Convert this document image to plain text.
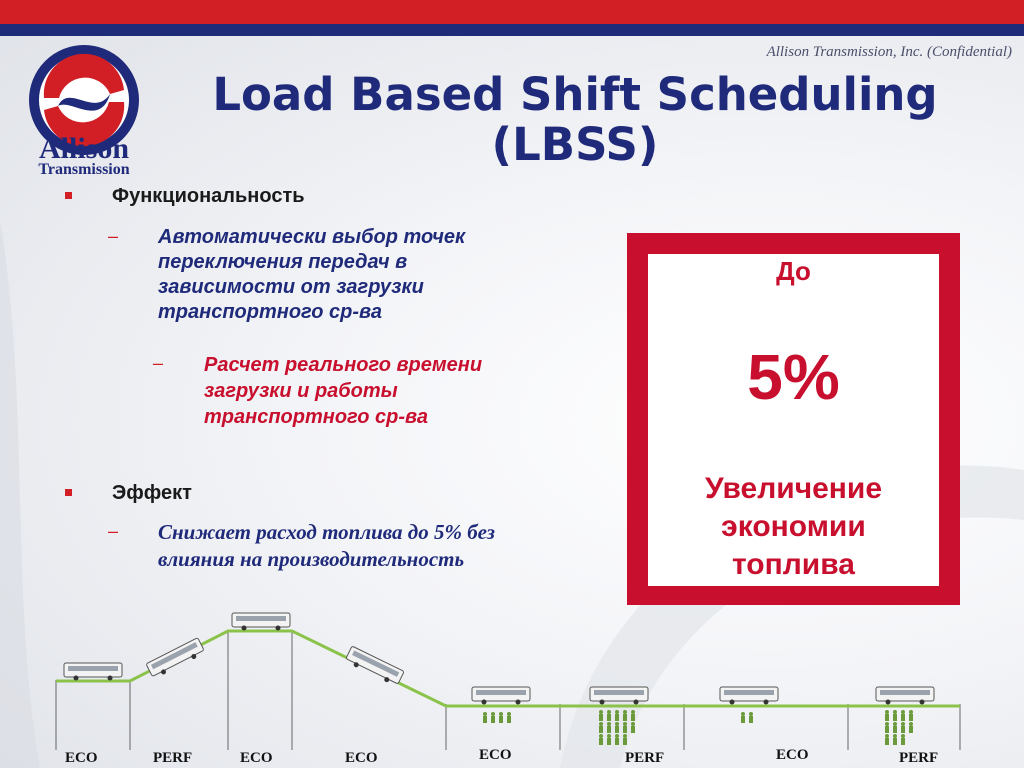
Allison
Transmission
Allison Transmission, Inc. (Confidential)
Load Based Shift Scheduling
(LBSS)
Функциональность
– Автоматически выбор точек
переключения передач в
зависимости от загрузки
транспортного ср-ва
– Расчет реального времени
загрузки и работы
транспортного ср-ва
Эффект
– Снижает расход топлива до 5% без
влияния на производительность
До
5%
Увеличение
экономии
топлива
ECO	PERF	ECO	ECO	ECO	PERF	ECO	PERF
